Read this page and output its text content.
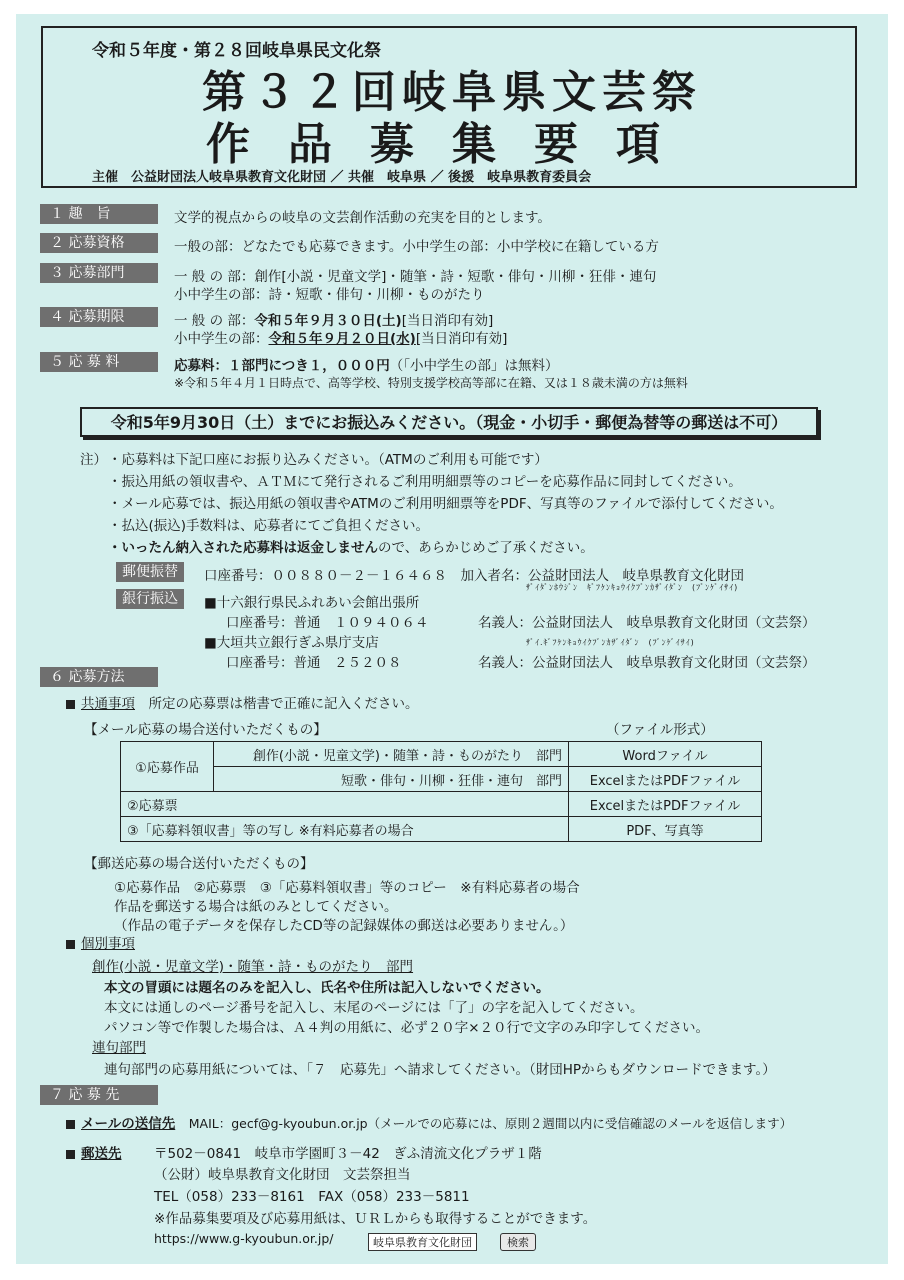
令和５年度・第２８回岐阜県民文化祭
第３２回岐阜県文芸祭
作品募集要項
主催　公益財団法人岐阜県教育文化財団 ／ 共催　岐阜県 ／ 後援　岐阜県教育委員会
１ 趣　旨	文学的視点からの岐阜の文芸創作活動の充実を目的とします。
２ 応募資格	一般の部：どなたでも応募できます。小中学生の部：小中学校に在籍している方
３ 応募部門	一 般 の 部：創作[小説・児童文学]・随筆・詩・短歌・俳句・川柳・狂俳・連句
小中学生の部：詩・短歌・俳句・川柳・ものがたり
４ 応募期限	一 般 の 部：令和５年９月３０日(土)[当日消印有効]
小中学生の部：令和５年９月２０日(水)[当日消印有効]
５ 応 募 料	応募料：１部門につき１，０００円（「小中学生の部」は無料）
※令和５年４月１日時点で、高等学校、特別支援学校高等部に在籍、又は１８歳未満の方は無料
令和5年9月30日（土）までにお振込みください。（現金・小切手・郵便為替等の郵送は不可）
注） ・応募料は下記口座にお振り込みください。（ATMのご利用も可能です）
・振込用紙の領収書や、ＡＴＭにて発行されるご利用明細票等のコピーを応募作品に同封してください。
・メール応募では、振込用紙の領収書やATMのご利用明細票等をPDF、写真等のファイルで添付してください。
・払込(振込)手数料は、応募者にてご負担ください。
・いったん納入された応募料は返金しませんので、あらかじめご了承ください。
郵便振替	口座番号：００８８０－２－１６４６８　加入者名：公益財団法人　岐阜県教育文化財団
銀行振込
ｻﾞｲﾀﾞﾝﾎｳｼﾞﾝ　ｷﾞﾌｹﾝｷｮｳｲｸﾌﾞﾝｶｻﾞｲﾀﾞﾝ　(ﾌﾞﾝｹﾞｲｻｲ)
■十六銀行県民ふれあい会館出張所
口座番号：普通　１０９４０６４	名義人：公益財団法人　岐阜県教育文化財団（文芸祭）
■大垣共立銀行ぎふ県庁支店	ｻﾞｲ.ｷﾞﾌｹﾝｷｮｳｲｸﾌﾞﾝｶｻﾞｲﾀﾞﾝ　(ﾌﾞﾝｹﾞｲｻｲ)
口座番号：普通　２５２０８	名義人：公益財団法人　岐阜県教育文化財団（文芸祭）
６ 応募方法
共通事項　 所定の応募票は楷書で正確に記入ください。
【メール応募の場合送付いただくもの】	（ファイル形式）
①応募作品	創作(小説・児童文学)・随筆・詩・ものがたり　部門	Wordファイル
	短歌・俳句・川柳・狂俳・連句　部門	ExcelまたはPDFファイル
②応募票		ExcelまたはPDFファイル
③「応募料領収書」等の写し ※有料応募者の場合		PDF、写真等
【郵送応募の場合送付いただくもの】
①応募作品　②応募票　③「応募料領収書」等のコピー　※有料応募者の場合
作品を郵送する場合は紙のみとしてください。
（作品の電子データを保存したCD等の記録媒体の郵送は必要ありません。）
個別事項
創作(小説・児童文学)・随筆・詩・ものがたり　部門
本文の冒頭には題名のみを記入し、氏名や住所は記入しないでください。
本文には通しのページ番号を記入し、末尾のページには「了」の字を記入してください。
パソコン等で作製した場合は、Ａ４判の用紙に、必ず２０字×２０行で文字のみ印字してください。
連句部門
連句部門の応募用紙については、「７　応募先」へ請求してください。（財団HPからもダウンロードできます。）
７ 応 募 先
メールの送信先　 MAIL：gecf@g-kyoubun.or.jp（メールでの応募には、原則２週間以内に受信確認のメールを返信します）
郵送先 〒502－0841　岐阜市学園町３－42　ぎふ清流文化プラザ１階
（公財）岐阜県教育文化財団　文芸祭担当
TEL（058）233－8161　FAX（058）233－5811
※作品募集要項及び応募用紙は、ＵＲＬからも取得することができます。
https://www.g-kyoubun.or.jp/	岐阜県教育文化財団	検索
